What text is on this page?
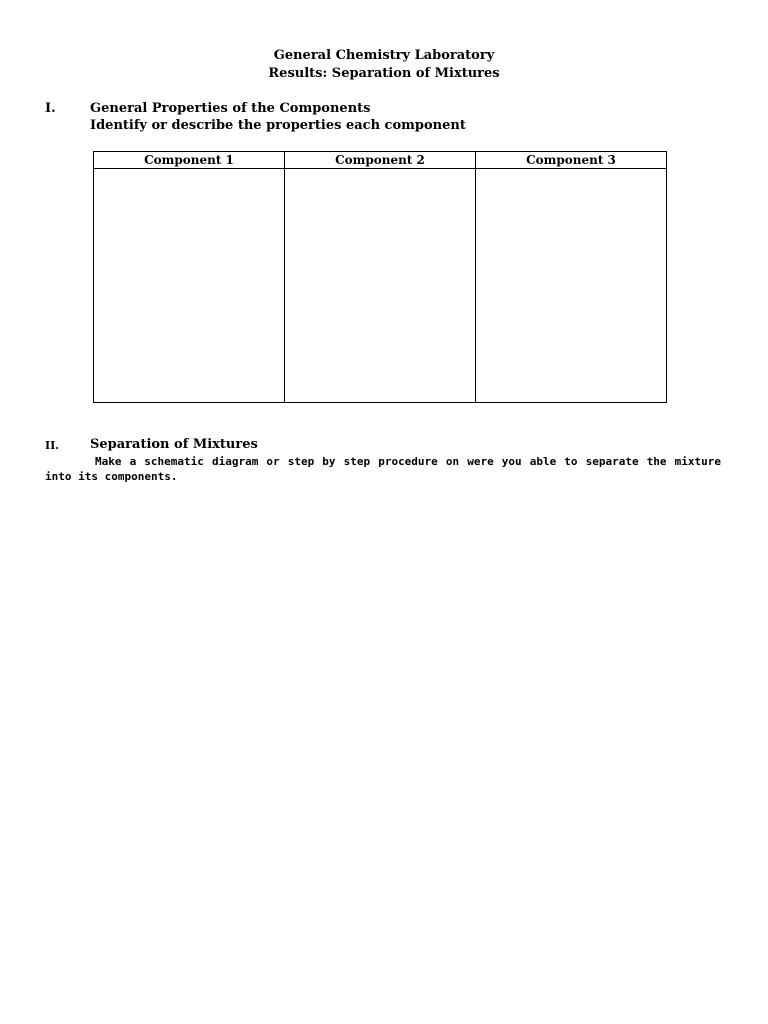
General Chemistry Laboratory
Results: Separation of Mixtures
I.	General Properties of the Components
Identify or describe the properties each component
Component 1	Component 2	Component 3

II. Separation of Mixtures
Make a schematic diagram or step by step procedure on were you able to separate the mixture into its components.
